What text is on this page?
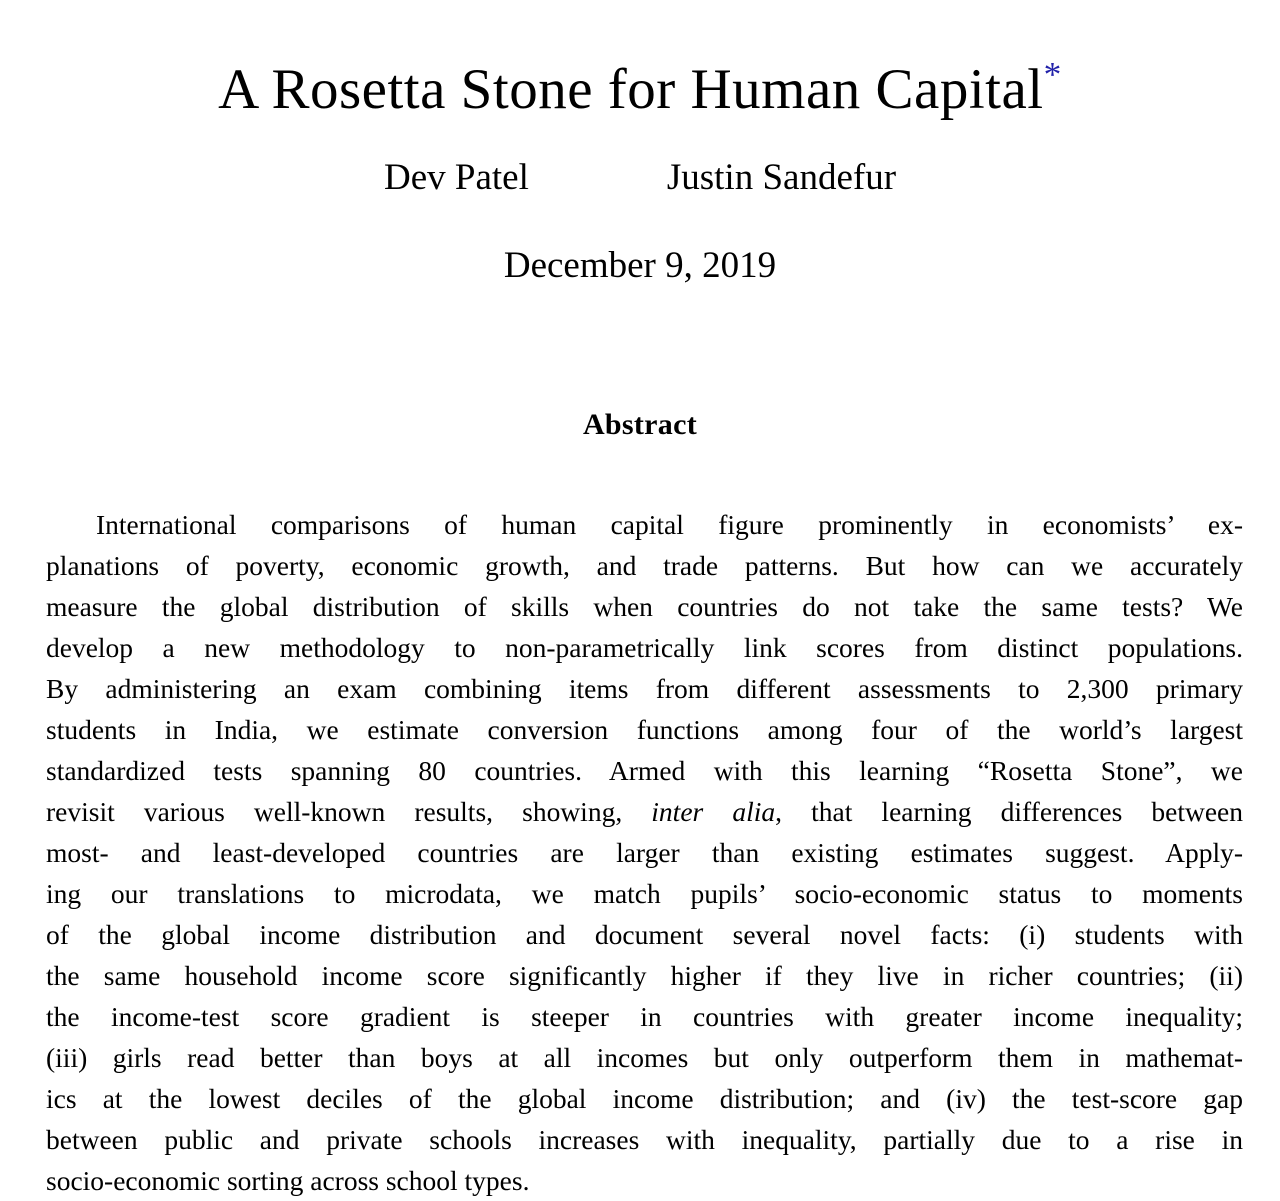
A Rosetta Stone for Human Capital*
Dev Patel	Justin Sandefur
December 9, 2019
Abstract
International comparisons of human capital figure prominently in economists’ ex-
planations of poverty, economic growth, and trade patterns. But how can we accurately
measure the global distribution of skills when countries do not take the same tests? We
develop a new methodology to non-parametrically link scores from distinct populations.
By administering an exam combining items from different assessments to 2,300 primary
students in India, we estimate conversion functions among four of the world’s largest
standardized tests spanning 80 countries. Armed with this learning “Rosetta Stone”, we
revisit various well-known results, showing, inter alia, that learning differences between
most- and least-developed countries are larger than existing estimates suggest. Apply-
ing our translations to microdata, we match pupils’ socio-economic status to moments
of the global income distribution and document several novel facts: (i) students with
the same household income score significantly higher if they live in richer countries; (ii)
the income-test score gradient is steeper in countries with greater income inequality;
(iii) girls read better than boys at all incomes but only outperform them in mathemat-
ics at the lowest deciles of the global income distribution; and (iv) the test-score gap
between public and private schools increases with inequality, partially due to a rise in
socio-economic sorting across school types.
